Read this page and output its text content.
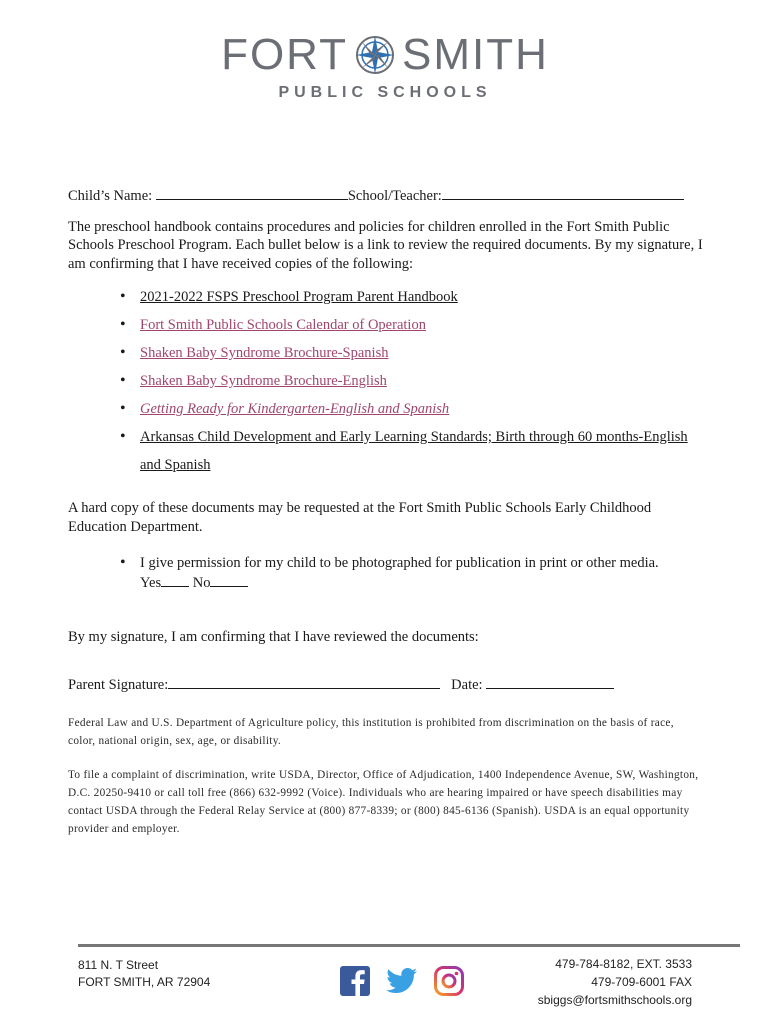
FORT SMITH
PUBLIC SCHOOLS
Child’s Name:	School/Teacher:

The preschool handbook contains procedures and policies for children enrolled in the Fort Smith Public Schools Preschool Program. Each bullet below is a link to review the required documents. By my signature, I am confirming that I have received copies of the following:

• 2021-2022 FSPS Preschool Program Parent Handbook
• Fort Smith Public Schools Calendar of Operation
• Shaken Baby Syndrome Brochure-Spanish
• Shaken Baby Syndrome Brochure-English
• Getting Ready for Kindergarten-English and Spanish
• Arkansas Child Development and Early Learning Standards; Birth through 60 months-English and Spanish

A hard copy of these documents may be requested at the Fort Smith Public Schools Early Childhood Education Department.

• I give permission for my child to be photographed for publication in print or other media.
Yes No

By my signature, I am confirming that I have reviewed the documents:

Parent Signature:	Date:

Federal Law and U.S. Department of Agriculture policy, this institution is prohibited from discrimination on the basis of race, color, national origin, sex, age, or disability.

To file a complaint of discrimination, write USDA, Director, Office of Adjudication, 1400 Independence Avenue, SW, Washington, D.C. 20250-9410 or call toll free (866) 632-9992 (Voice). Individuals who are hearing impaired or have speech disabilities may contact USDA through the Federal Relay Service at (800) 877-8339; or (800) 845-6136 (Spanish). USDA is an equal opportunity provider and employer.

811 N. T Street
FORT SMITH, AR 72904
479-784-8182, EXT. 3533
479-709-6001 FAX
sbiggs@fortsmithschools.org
